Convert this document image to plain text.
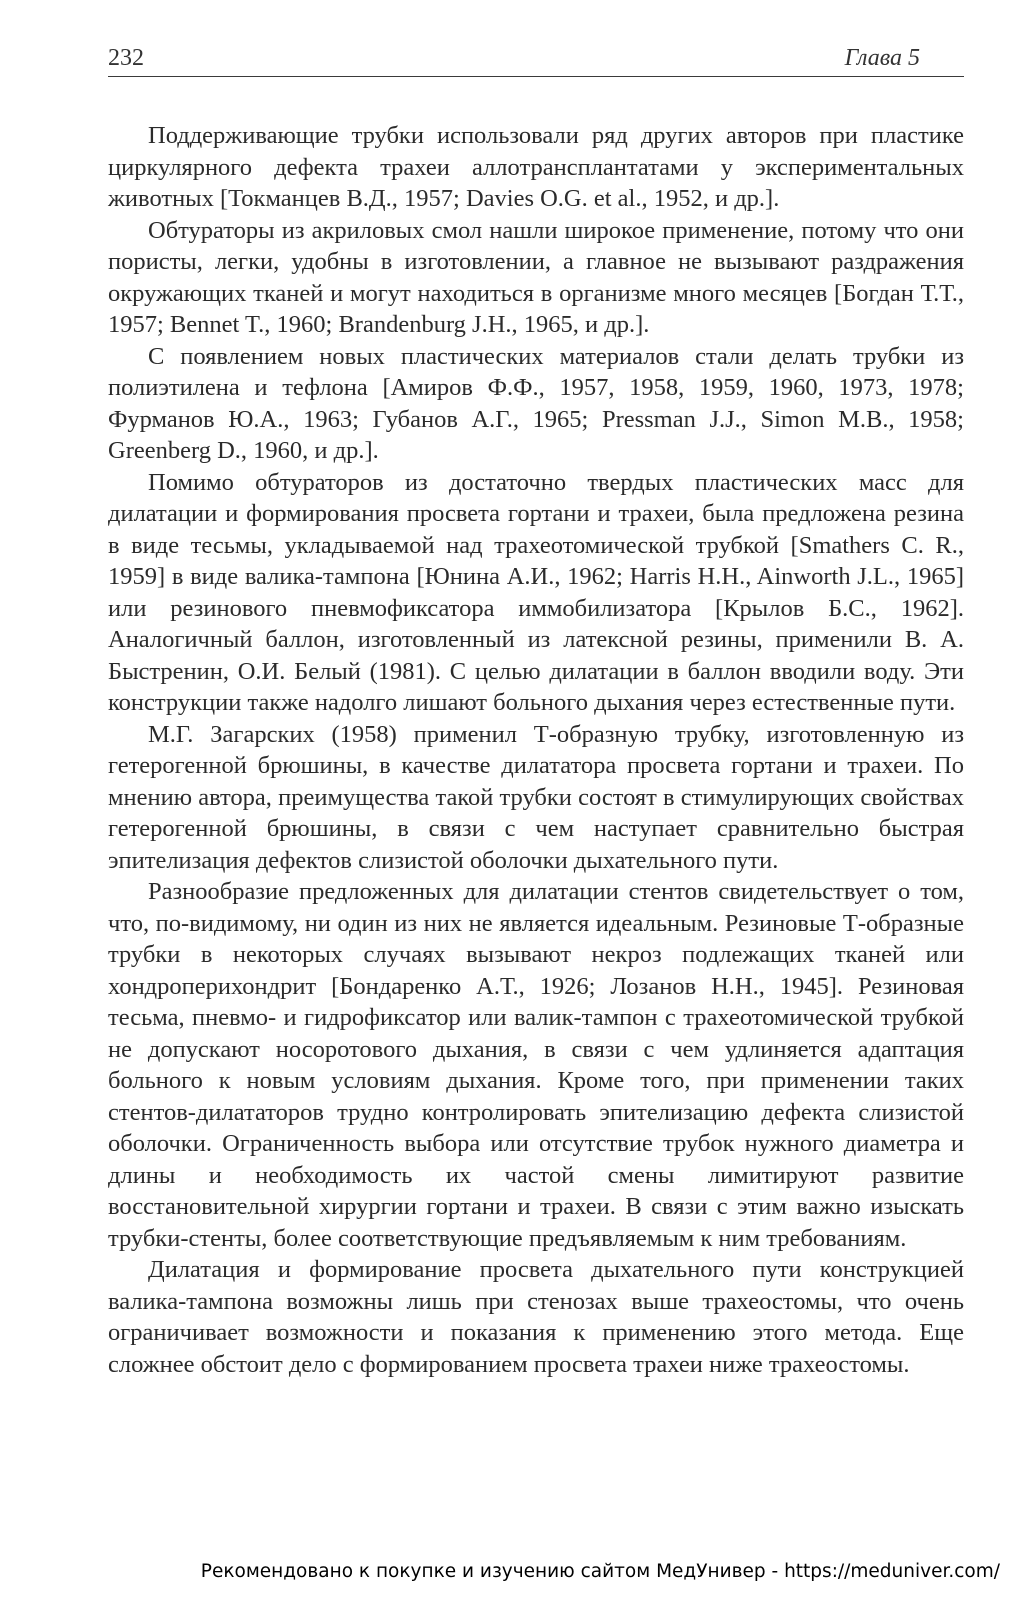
232	Глава 5

Поддерживающие трубки использовали ряд других авторов при пластике циркулярного дефекта трахеи аллотрансплантатами у экспериментальных животных [Токманцев В.Д., 1957; Davies O.G. et al., 1952, и др.].

Обтураторы из акриловых смол нашли широкое применение, потому что они пористы, легки, удобны в изготовлении, а главное не вызывают раздражения окружающих тканей и могут находиться в организме много месяцев [Богдан Т.Т., 1957; Bennet T., 1960; Brandenburg J.H., 1965, и др.].

С появлением новых пластических материалов стали делать трубки из полиэтилена и тефлона [Амиров Ф.Ф., 1957, 1958, 1959, 1960, 1973, 1978; Фурманов Ю.А., 1963; Губанов А.Г., 1965; Pressman J.J., Simon M.B., 1958; Greenberg D., 1960, и др.].

Помимо обтураторов из достаточно твердых пластических масс для дилатации и формирования просвета гортани и трахеи, была предложена резина в виде тесьмы, укладываемой над трахеотомической трубкой [Smathers C. R., 1959] в виде валика-тампона [Юнина А.И., 1962; Harris H.H., Ainworth J.L., 1965] или резинового пневмофиксатора иммобилизатора [Крылов Б.С., 1962]. Аналогичный баллон, изготовленный из латексной резины, применили В. А. Быстренин, О.И. Белый (1981). С целью дилатации в баллон вводили воду. Эти конструкции также надолго лишают больного дыхания через естественные пути.

М.Г. Загарских (1958) применил Т-образную трубку, изготовленную из гетерогенной брюшины, в качестве дилататора просвета гортани и трахеи. По мнению автора, преимущества такой трубки состоят в стимулирующих свойствах гетерогенной брюшины, в связи с чем наступает сравнительно быстрая эпителизация дефектов слизистой оболочки дыхательного пути.

Разнообразие предложенных для дилатации стентов свидетельствует о том, что, по-видимому, ни один из них не является идеальным. Резиновые Т-образные трубки в некоторых случаях вызывают некроз подлежащих тканей или хондроперихондрит [Бондаренко А.Т., 1926; Лозанов Н.Н., 1945]. Резиновая тесьма, пневмо- и гидрофиксатор или валик-тампон с трахеотомической трубкой не допускают носоротового дыхания, в связи с чем удлиняется адаптация больного к новым условиям дыхания. Кроме того, при применении таких стентов-дилататоров трудно контролировать эпителизацию дефекта слизистой оболочки. Ограниченность выбора или отсутствие трубок нужного диаметра и длины и необходимость их частой смены лимитируют развитие восстановительной хирургии гортани и трахеи. В связи с этим важно изыскать трубки-стенты, более соответствующие предъявляемым к ним требованиям.

Дилатация и формирование просвета дыхательного пути конструкцией валика-тампона возможны лишь при стенозах выше трахеостомы, что очень ограничивает возможности и показания к применению этого метода. Еще сложнее обстоит дело с формированием просвета трахеи ниже трахеостомы.

Рекомендовано к покупке и изучению сайтом МедУнивер - https://meduniver.com/
